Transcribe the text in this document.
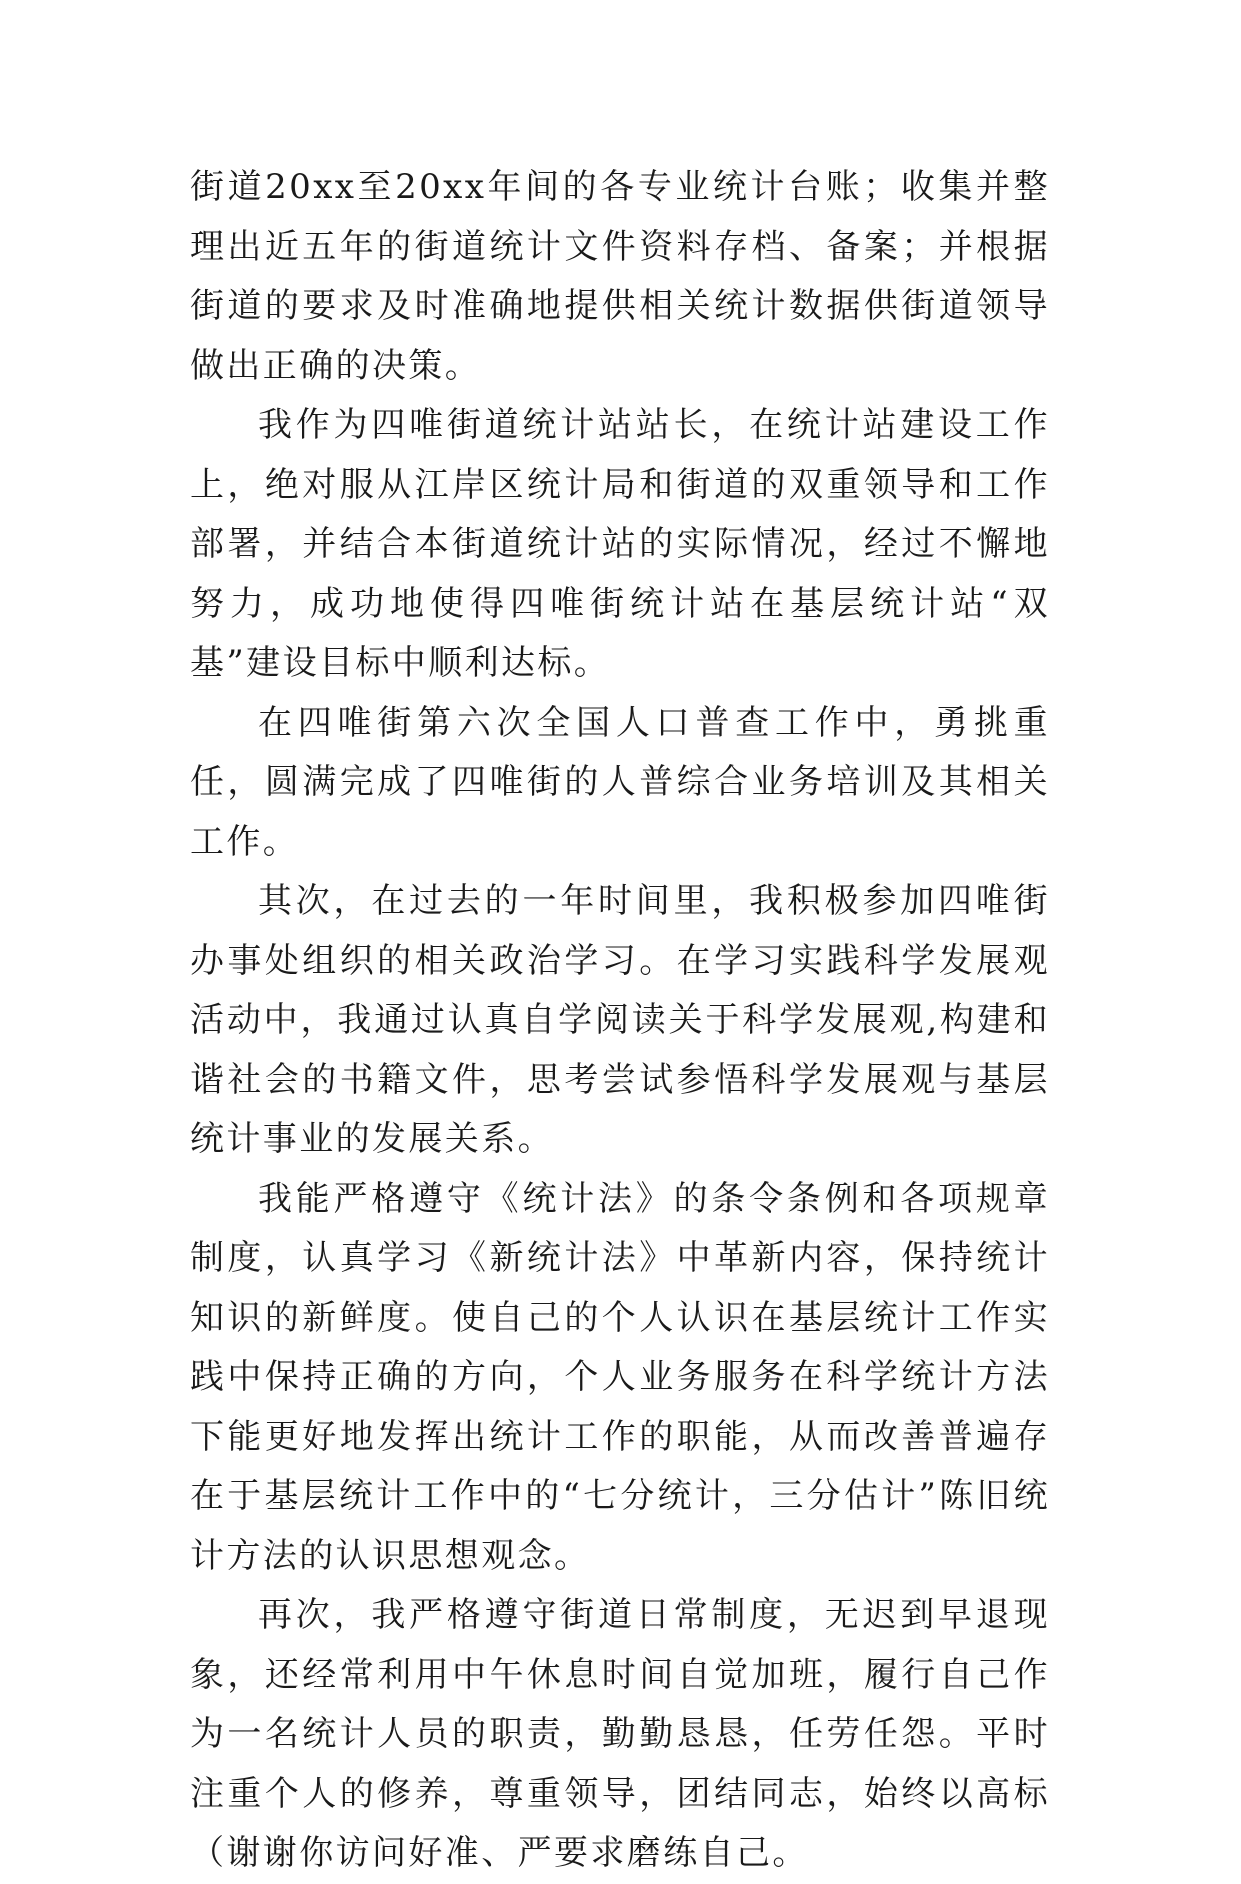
街道20xx至20xx年间的各专业统计台账；收集并整理出近五年的街道统计文件资料存档、备案；并根据街道的要求及时准确地提供相关统计数据供街道领导做出正确的决策。

我作为四唯街道统计站站长，在统计站建设工作上，绝对服从江岸区统计局和街道的双重领导和工作部署，并结合本街道统计站的实际情况，经过不懈地努力，成功地使得四唯街统计站在基层统计站“双基”建设目标中顺利达标。

在四唯街第六次全国人口普查工作中，勇挑重任，圆满完成了四唯街的人普综合业务培训及其相关工作。

其次，在过去的一年时间里，我积极参加四唯街办事处组织的相关政治学习。在学习实践科学发展观活动中，我通过认真自学阅读关于科学发展观,构建和谐社会的书籍文件，思考尝试参悟科学发展观与基层统计事业的发展关系。

我能严格遵守《统计法》的条令条例和各项规章制度，认真学习《新统计法》中革新内容，保持统计知识的新鲜度。使自己的个人认识在基层统计工作实践中保持正确的方向，个人业务服务在科学统计方法下能更好地发挥出统计工作的职能，从而改善普遍存在于基层统计工作中的“七分统计，三分估计”陈旧统计方法的认识思想观念。

再次，我严格遵守街道日常制度，无迟到早退现象，还经常利用中午休息时间自觉加班，履行自己作为一名统计人员的职责，勤勤恳恳，任劳任怨。平时注重个人的修养，尊重领导，团结同志，始终以高标（谢谢你访问好准、严要求磨练自己。
